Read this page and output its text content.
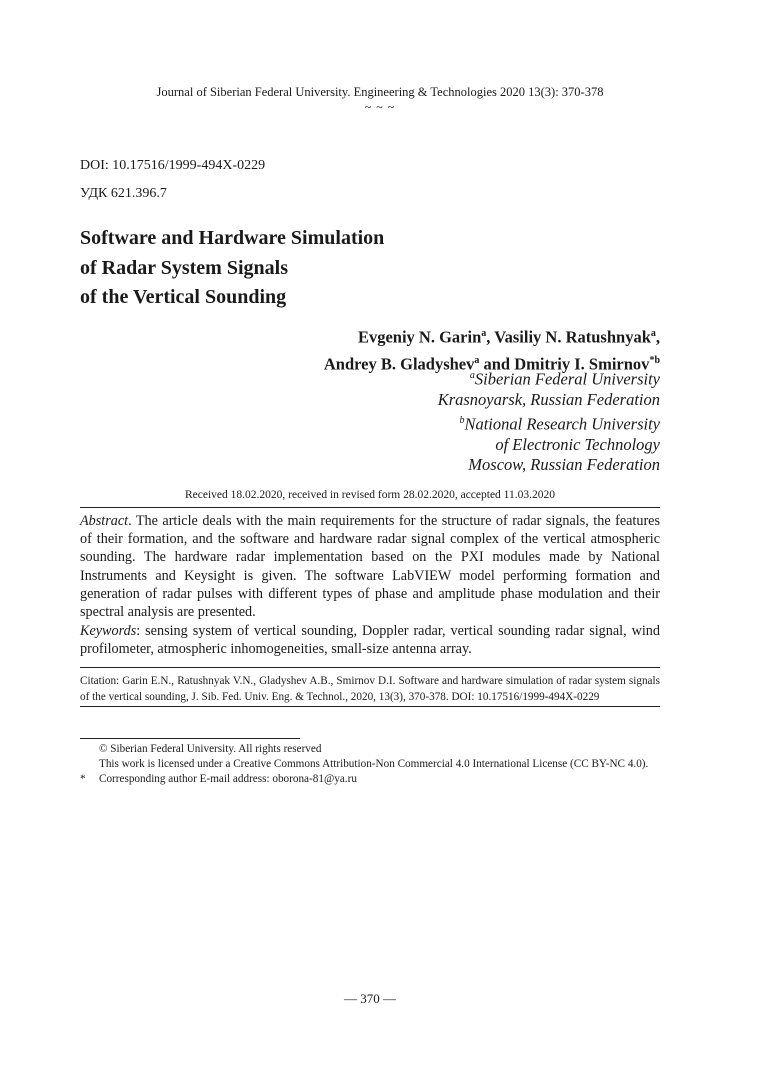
Journal of Siberian Federal University. Engineering & Technologies 2020 13(3): 370-378
~ ~ ~
DOI: 10.17516/1999-494X-0229
УДК 621.396.7
Software and Hardware Simulation
of Radar System Signals
of the Vertical Sounding
Evgeniy N. Garin$^a$, Vasiliy N. Ratushnyak$^a$,
Andrey B. Gladyshev$^a$ and Dmitriy I. Smirnov$^{*b}$
$^a$Siberian Federal University
Krasnoyarsk, Russian Federation
$^b$National Research University
of Electronic Technology
Moscow, Russian Federation
Received 18.02.2020, received in revised form 28.02.2020, accepted 11.03.2020
Abstract. The article deals with the main requirements for the structure of radar signals, the features of their formation, and the software and hardware radar signal complex of the vertical atmospheric sounding. The hardware radar implementation based on the PXI modules made by National Instruments and Keysight is given. The software LabVIEW model performing formation and generation of radar pulses with different types of phase and amplitude phase modulation and their spectral analysis are presented.
Keywords: sensing system of vertical sounding, Doppler radar, vertical sounding radar signal, wind profilometer, atmospheric inhomogeneities, small-size antenna array.
Citation: Garin E.N., Ratushnyak V.N., Gladyshev A.B., Smirnov D.I. Software and hardware simulation of radar system signals of the vertical sounding, J. Sib. Fed. Univ. Eng. & Technol., 2020, 13(3), 370-378. DOI: 10.17516/1999-494X-0229
© Siberian Federal University. All rights reserved
This work is licensed under a Creative Commons Attribution-Non Commercial 4.0 International License (CC BY-NC 4.0).
*	Corresponding author E-mail address: oborona-81@ya.ru
— 370 —
